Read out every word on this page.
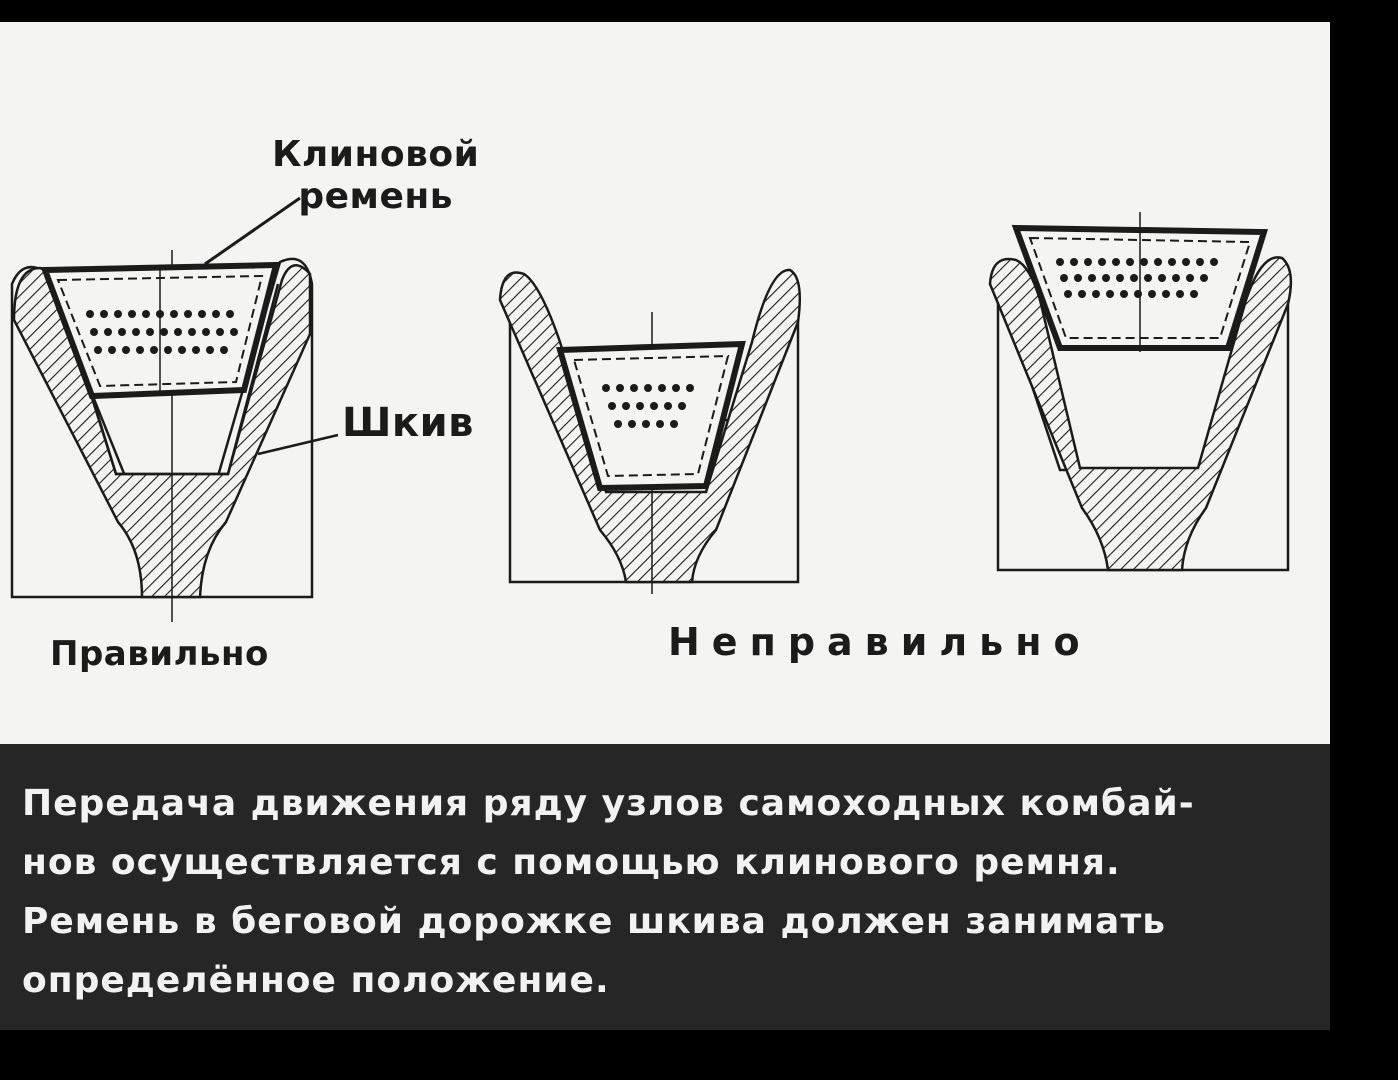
Клиновой
ремень
Шкив
Правильно	Неправильно
Передача движения ряду узлов самоходных комбай-
нов осуществляется с помощью клинового ремня.
Ремень в беговой дорожке шкива должен занимать
определённое положение.
